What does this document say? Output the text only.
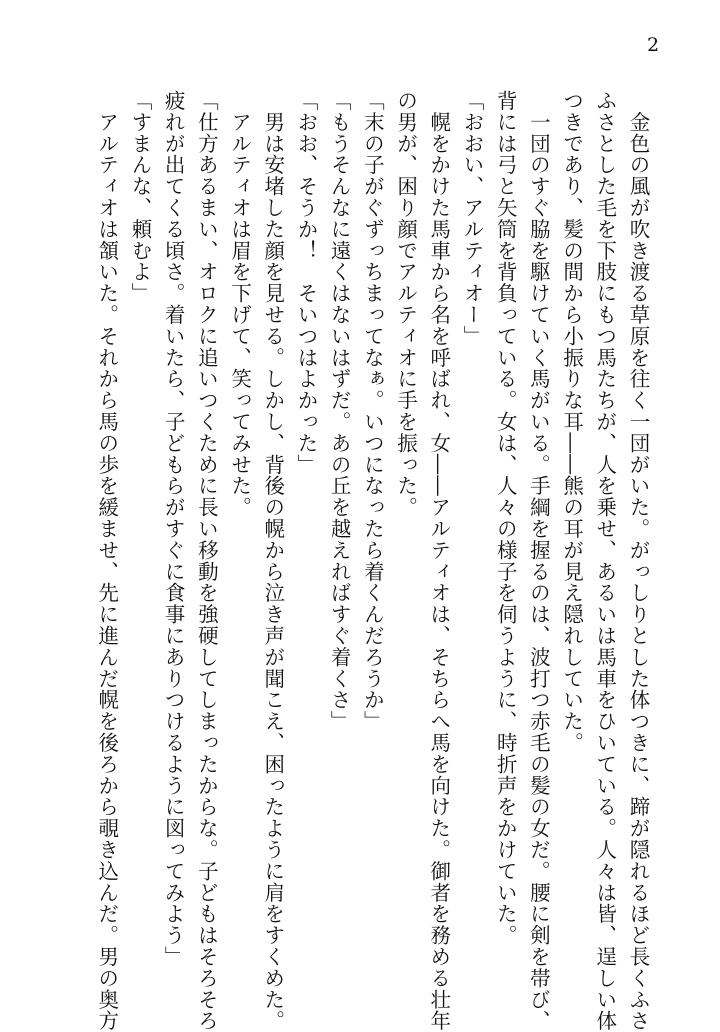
2
　金色の風が吹き渡る草原を往く一団がいた。がっしりとした体つきに、蹄が隠れるほど長くふさ
ふさとした毛を下肢にもつ馬たちが、人を乗せ、あるいは馬車をひいている。人々は皆、逞しい体
つきであり、髪の間から小振りな耳――熊の耳が見え隠れしていた。
　一団のすぐ脇を駆けていく馬がいる。手綱を握るのは、波打つ赤毛の髪の女だ。腰に剣を帯び、
背には弓と矢筒を背負っている。女は、人々の様子を伺うように、時折声をかけていた。
「おおい、アルティオー」
　幌をかけた馬車から名を呼ばれ、女――アルティオは、そちらへ馬を向けた。御者を務める壮年
の男が、困り顔でアルティオに手を振った。
「末の子がぐずっちまってなぁ。いつになったら着くんだろうか」
「もうそんなに遠くはないはずだ。あの丘を越えればすぐ着くさ」
「おお、そうか！　そいつはよかった」
　男は安堵した顔を見せる。しかし、背後の幌から泣き声が聞こえ、困ったように肩をすくめた。
　アルティオは眉を下げて、笑ってみせた。
「仕方あるまい、オロクに追いつくために長い移動を強硬してしまったからな。子どもはそろそろ
疲れが出てくる頃さ。着いたら、子どもらがすぐに食事にありつけるように図ってみよう」
「すまんな、頼むよ」
　アルティオは頷いた。それから馬の歩を緩ませ、先に進んだ幌を後ろから覗き込んだ。男の奥方
